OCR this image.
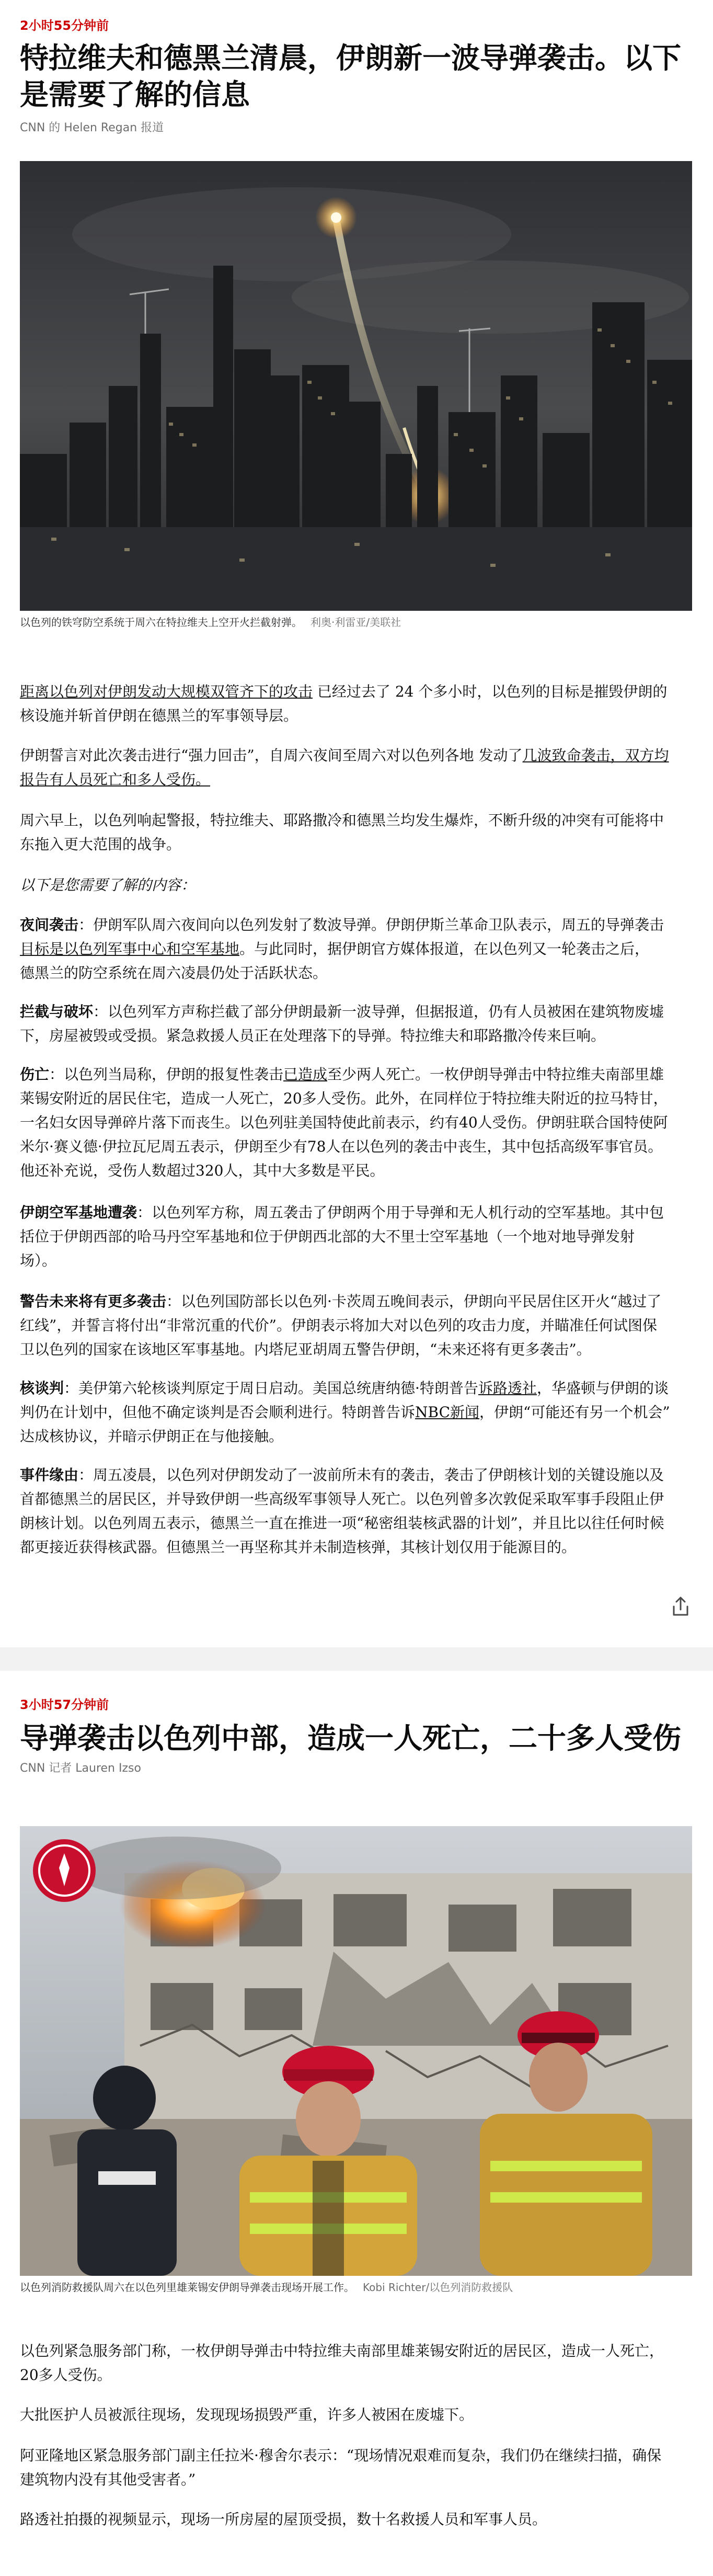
2小时55分钟前
特拉维夫和德黑兰清晨，伊朗新一波导弹袭击。以下
是需要了解的信息
CNN 的 Helen Regan 报道
以色列的铁穹防空系统于周六在特拉维夫上空开火拦截射弹。 利奥·利雷亚/美联社

距离以色列对伊朗发动大规模双管齐下的攻击 已经过去了 24 个多小时，以色列的目标是摧毁伊朗的
核设施并斩首伊朗在德黑兰的军事领导层。

伊朗誓言对此次袭击进行“强力回击”，自周六夜间至周六对以色列各地 发动了几波致命袭击，双方均
报告有人员死亡和多人受伤。

周六早上，以色列响起警报，特拉维夫、耶路撒冷和德黑兰均发生爆炸，不断升级的冲突有可能将中
东拖入更大范围的战争。

以下是您需要了解的内容：

夜间袭击：伊朗军队周六夜间向以色列发射了数波导弹。伊朗伊斯兰革命卫队表示，周五的导弹袭击
目标是以色列军事中心和空军基地。与此同时，据伊朗官方媒体报道，在以色列又一轮袭击之后，
德黑兰的防空系统在周六凌晨仍处于活跃状态。

拦截与破坏：以色列军方声称拦截了部分伊朗最新一波导弹，但据报道，仍有人员被困在建筑物废墟
下，房屋被毁或受损。紧急救援人员正在处理落下的导弹。特拉维夫和耶路撒冷传来巨响。

伤亡：以色列当局称，伊朗的报复性袭击已造成至少两人死亡。一枚伊朗导弹击中特拉维夫南部里雄
莱锡安附近的居民住宅，造成一人死亡，20多人受伤。此外，在同样位于特拉维夫附近的拉马特甘，
一名妇女因导弹碎片落下而丧生。以色列驻美国特使此前表示，约有40人受伤。伊朗驻联合国特使阿
米尔·赛义德·伊拉瓦尼周五表示，伊朗至少有78人在以色列的袭击中丧生，其中包括高级军事官员。
他还补充说，受伤人数超过320人，其中大多数是平民。

伊朗空军基地遭袭：以色列军方称，周五袭击了伊朗两个用于导弹和无人机行动的空军基地。其中包
括位于伊朗西部的哈马丹空军基地和位于伊朗西北部的大不里士空军基地（一个地对地导弹发射
场）。

警告未来将有更多袭击：以色列国防部长以色列·卡茨周五晚间表示，伊朗向平民居住区开火“越过了
红线”，并誓言将付出“非常沉重的代价”。伊朗表示将加大对以色列的攻击力度，并瞄准任何试图保
卫以色列的国家在该地区军事基地。内塔尼亚胡周五警告伊朗，“未来还将有更多袭击”。

核谈判：美伊第六轮核谈判原定于周日启动。美国总统唐纳德·特朗普告诉路透社，华盛顿与伊朗的谈
判仍在计划中，但他不确定谈判是否会顺利进行。特朗普告诉NBC新闻，伊朗“可能还有另一个机会”
达成核协议，并暗示伊朗正在与他接触。

事件缘由：周五凌晨，以色列对伊朗发动了一波前所未有的袭击，袭击了伊朗核计划的关键设施以及
首都德黑兰的居民区，并导致伊朗一些高级军事领导人死亡。以色列曾多次敦促采取军事手段阻止伊
朗核计划。以色列周五表示，德黑兰一直在推进一项“秘密组装核武器的计划”，并且比以往任何时候
都更接近获得核武器。但德黑兰一再坚称其并未制造核弹，其核计划仅用于能源目的。

3小时57分钟前
导弹袭击以色列中部，造成一人死亡，二十多人受伤
CNN 记者 Lauren Izso
以色列消防救援队周六在以色列里雄莱锡安伊朗导弹袭击现场开展工作。 Kobi Richter/以色列消防救援队

以色列紧急服务部门称，一枚伊朗导弹击中特拉维夫南部里雄莱锡安附近的居民区，造成一人死亡，
20多人受伤。

大批医护人员被派往现场，发现现场损毁严重，许多人被困在废墟下。

阿亚隆地区紧急服务部门副主任拉米·穆舍尔表示：“现场情况艰难而复杂，我们仍在继续扫描，确保
建筑物内没有其他受害者。”

路透社拍摄的视频显示，现场一所房屋的屋顶受损，数十名救援人员和军事人员。
